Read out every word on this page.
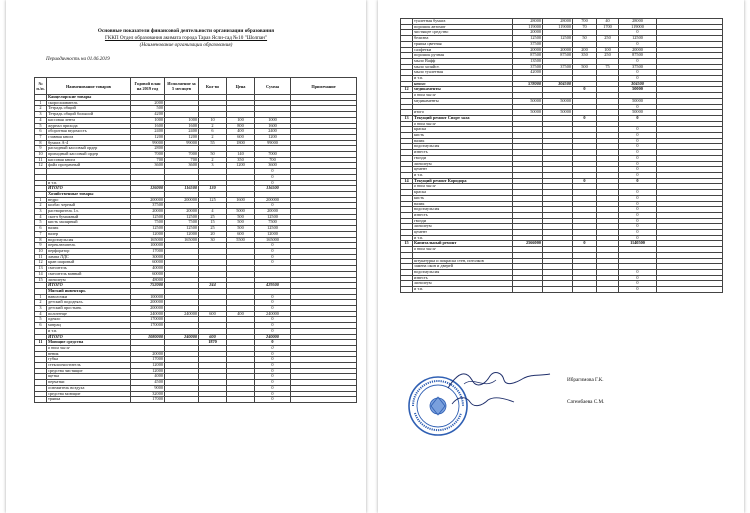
Основные показатели финансовой деятельности организации образования
ГККП Отдел образования акимата города Тараз Ясли-сад №10 "Шолпан"
(Наименование организации образования)
Периодичность на 01.06.2019
№ п./п.	Наименование товаров	Годовой план на 2019 год	Исполнение за 5 месяцев	Кол-во	Цена	Сумма	Примечание
	Канцелярские товары						
1	скоросшиватель	2000					
2	Тетрадь общий	500					
3	Тетрадь общий большой	4200					
4	кассовая лента	1000	1000	10	100	1000	
5	журнал прихода	1600	1600	2	800	1600	
6	оборотная ведомость	2400	2400	6	400	2400	
7	главная книга	1200	1200	2	600	1200	
8	бумага А-4	99000	99000	55	1800	99000	
9	расходный кассовый ордер	2800					
10	приходный кассовый ордер	7000	7000	50	140	7000	
11	кассовая книга	700	700	2	350	700	
12	файл прозрачный	3600	3600	3	1200	3600	
						0	
						0	
	и т.п.					0	
	ИТОГО	126000	116500	130		116500	
	Хозяйственные товары						
1	ведро	200000	200000	125	1600	200000	
2	колбас черный	37500				0	
3	растворитель 1л.	20000	20000	4	5000	20000	
4	скотч бумажный	12500	12500	25	500	12500	
5	кисть малярный	7500	7500	15	500	7500	
6	валик	12500	12500	25	500	12500	
7	валер	12000	12000	20	600	12000	
8	водоэмульсия	165000	165000	30	5500	165000	
9	переключатель	100000				0	
10	перфоратор	17000				0	
11	лампа ЛДС	30000				0	
12	кран шаровый	60000				0	
13	смеситель	40000					
14	смеситель ванный	60000					
15	линолеум	48000					
	ИТОГО	752000		244		429500	
	Мягкий инвентарь						
1	наволочки	100000				0	
2	детский пододеяль.	200000				0	
3	детский простынь	200000				0	
4	полотенце	240000	240000	600	400	240000	
5	одеяло	170000				0	
6	матрац	170000				0	
	и т.п.					0	
	ИТОГО	1080000	240000	600		240000	
11	Моющие средства			1870		0	
	в том числе					0	
	веник	20000				0	
	губка	17000				0	
	стеклоочиститель	12000				0	
	средства чистящие	12000				0	
	щетка	4000				0	
	перчатки	4500				0	
	освежитель воздуха	9000				0	
	средства моющие	32000				0	
	тряпка	17000				0	
	туалетная бумага	28000	28000	700	40	28000	
	порошок автомат	119000	119000	70	1700	119000	
	чистящее средство	20000				0	
	белизна	12500	12500	50	250	12500	
	тряпка цветная	37500				0	
	салфетки	20000	20000	200	100	20000	
	порошок ручная	87500	87500	350	250	87500	
	мыло Вафф	13500				0	
	мыло хозяйст.	37500	37500	500	75	37500	
	мыло туалетная	42000				0	
	и т.п.					0	
	итого	578000	304500			304500	
12	медикаменты			0		50000	
	в том числе						
	медикаменты	50000	50000			50000	
						0	
	итого	50000	50000			50000	
13	Текущий ремонт Спорт зала			0		0	
	в том числе						
	краска					0	
	кисть					0	
	валик					0	
	водоэмульсия					0	
	известь					0	
	гвозди					0	
	линолеум					0	
	цемент					0	
	и т.п.					0	
14	Текущий ремонт Коридора			0		0	
	в том числе						
	краска					0	
	кисть					0	
	валик					0	
	водоэмульсия					0	
	известь					0	
	гвозди					0	
	линолеум					0	
	цемент					0	
	и т.п.					0	
15	Капитальный ремонт	2566000		0		1140500	
	в том числе						

	штукатурка и покраска стен, потолков						
	замена окон и дверей						
	водоэмульсия					0	
	известь					0	
	линолеум					0	
	и т.п.					0	
Ибрагимова Г.К.
Сатембаева С.М.
